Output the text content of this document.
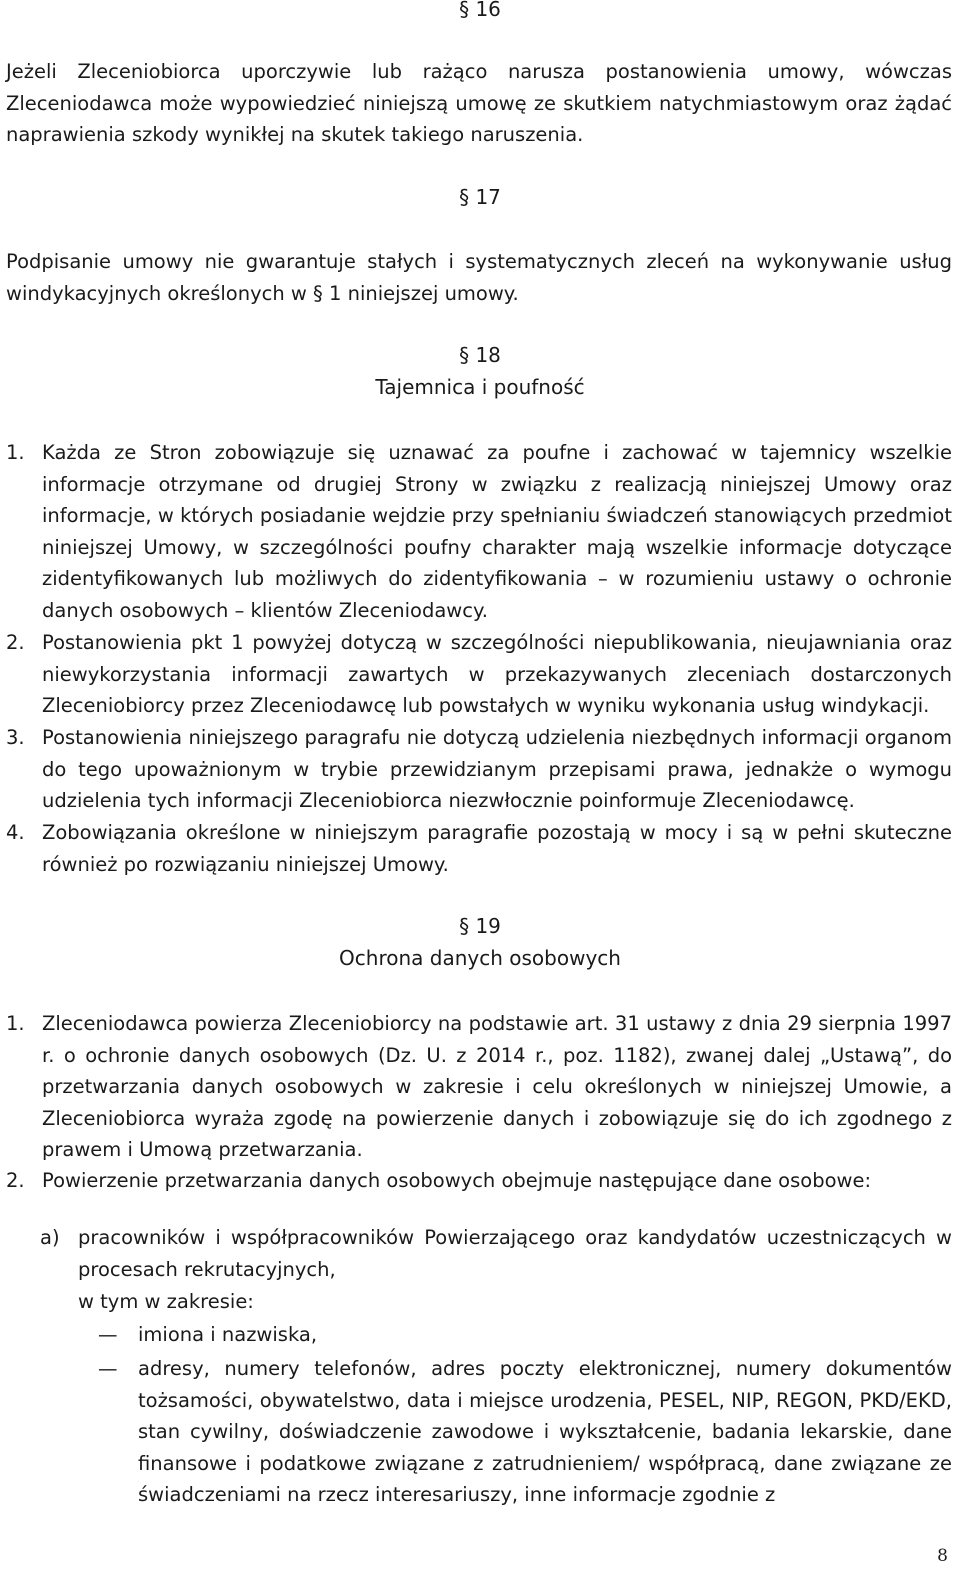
§ 16

Jeżeli Zleceniobiorca uporczywie lub rażąco narusza postanowienia umowy, wówczas Zleceniodawca może wypowiedzieć niniejszą umowę ze skutkiem natychmiastowym oraz żądać naprawienia szkody wynikłej na skutek takiego naruszenia.

§ 17

Podpisanie umowy nie gwarantuje stałych i systematycznych zleceń na wykonywanie usług windykacyjnych określonych w § 1 niniejszej umowy.

§ 18
Tajemnica i poufność
1. Każda ze Stron zobowiązuje się uznawać za poufne i zachować w tajemnicy wszelkie informacje otrzymane od drugiej Strony w związku z realizacją niniejszej Umowy oraz informacje, w których posiadanie wejdzie przy spełnianiu świadczeń stanowiących przedmiot niniejszej Umowy, w szczególności poufny charakter mają wszelkie informacje dotyczące zidentyfikowanych lub możliwych do zidentyfikowania – w rozumieniu ustawy o ochronie danych osobowych – klientów Zleceniodawcy.
2. Postanowienia pkt 1 powyżej dotyczą w szczególności niepublikowania, nieujawniania oraz niewykorzystania informacji zawartych w przekazywanych zleceniach dostarczonych Zleceniobiorcy przez Zleceniodawcę lub powstałych w wyniku wykonania usług windykacji.
3. Postanowienia niniejszego paragrafu nie dotyczą udzielenia niezbędnych informacji organom do tego upoważnionym w trybie przewidzianym przepisami prawa, jednakże o wymogu udzielenia tych informacji Zleceniobiorca niezwłocznie poinformuje Zleceniodawcę.
4. Zobowiązania określone w niniejszym paragrafie pozostają w mocy i są w pełni skuteczne również po rozwiązaniu niniejszej Umowy.
§ 19
Ochrona danych osobowych
1. Zleceniodawca powierza Zleceniobiorcy na podstawie art. 31 ustawy z dnia 29 sierpnia 1997 r. o ochronie danych osobowych (Dz. U. z 2014 r., poz. 1182), zwanej dalej „Ustawą”, do przetwarzania danych osobowych w zakresie i celu określonych w niniejszej Umowie, a Zleceniobiorca wyraża zgodę na powierzenie danych i zobowiązuje się do ich zgodnego z prawem i Umową przetwarzania.
2. Powierzenie przetwarzania danych osobowych obejmuje następujące dane osobowe:
a) pracowników i współpracowników Powierzającego oraz kandydatów uczestniczących w procesach rekrutacyjnych,
w tym w zakresie:
— imiona i nazwiska,
— adresy, numery telefonów, adres poczty elektronicznej, numery dokumentów tożsamości, obywatelstwo, data i miejsce urodzenia, PESEL, NIP, REGON, PKD/EKD, stan cywilny, doświadczenie zawodowe i wykształcenie, badania lekarskie, dane finansowe i podatkowe związane z zatrudnieniem/ współpracą, dane związane ze świadczeniami na rzecz interesariuszy, inne informacje zgodnie z
8
